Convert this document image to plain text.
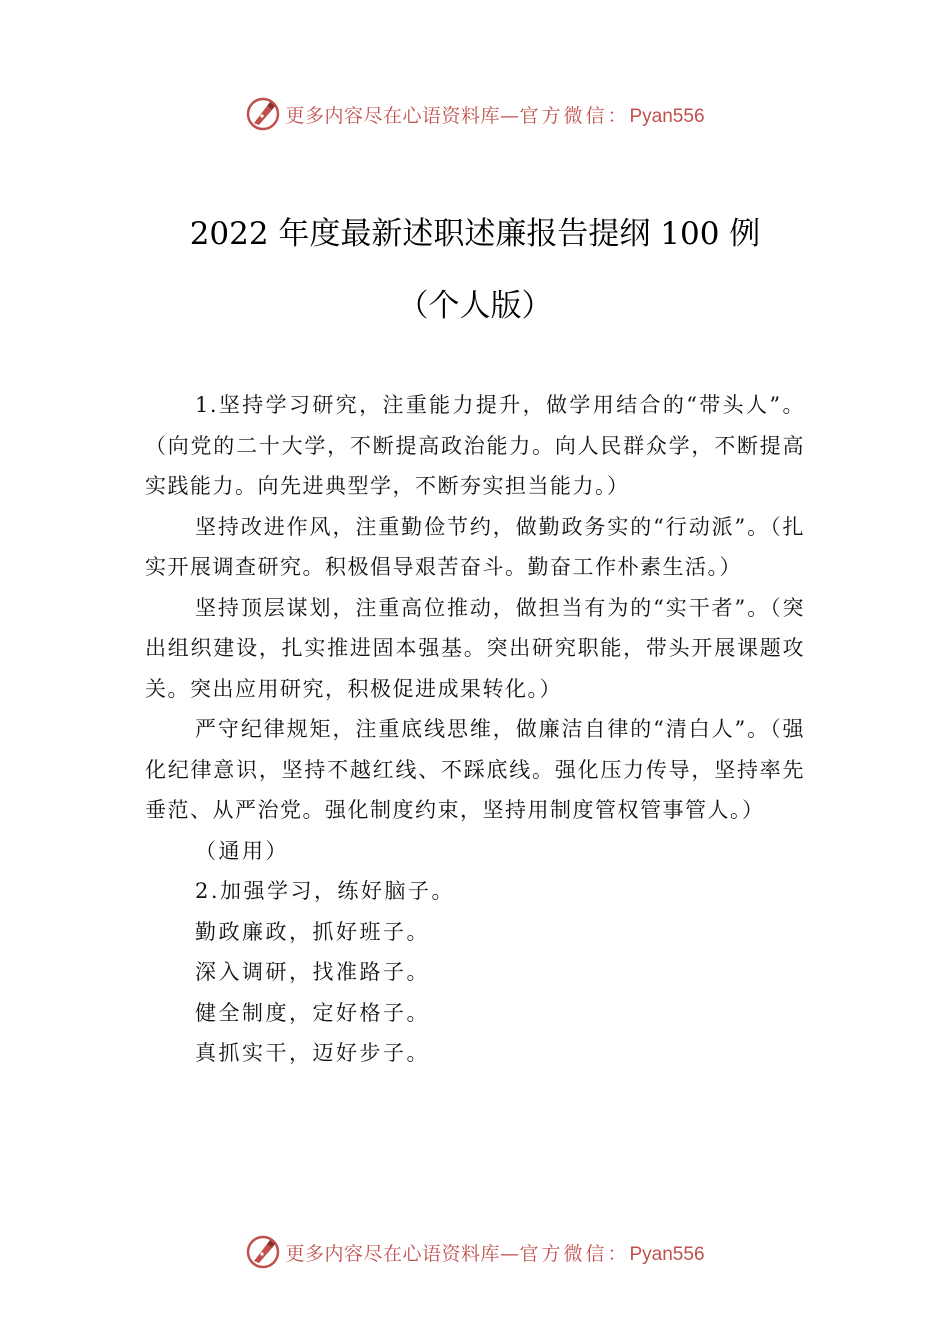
更多内容尽在心语资料库—官方微信：Pyan556
2022 年度最新述职述廉报告提纲 100 例
（个人版）

1.坚持学习研究，注重能力提升，做学用结合的“带头人”。（向党的二十大学，不断提高政治能力。向人民群众学，不断提高实践能力。向先进典型学，不断夯实担当能力。）

坚持改进作风，注重勤俭节约，做勤政务实的“行动派”。（扎实开展调查研究。积极倡导艰苦奋斗。勤奋工作朴素生活。）

坚持顶层谋划，注重高位推动，做担当有为的“实干者”。（突出组织建设，扎实推进固本强基。突出研究职能，带头开展课题攻关。突出应用研究，积极促进成果转化。）

严守纪律规矩，注重底线思维，做廉洁自律的“清白人”。（强化纪律意识，坚持不越红线、不踩底线。强化压力传导，坚持率先垂范、从严治党。强化制度约束，坚持用制度管权管事管人。）

（通用）

2.加强学习，练好脑子。

勤政廉政，抓好班子。

深入调研，找准路子。

健全制度，定好格子。

真抓实干，迈好步子。

更多内容尽在心语资料库—官方微信：Pyan556
